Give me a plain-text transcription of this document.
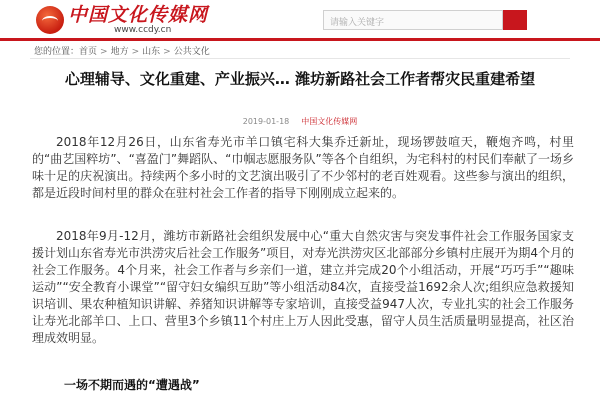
中国文化传媒网
www.ccdy.cn
请输入关键字
您的位置：首页 > 地方 > 山东 > 公共文化
心理辅导、文化重建、产业振兴… 潍坊新路社会工作者帮灾民重建希望
2019-01-18 中国文化传媒网
2018年12月26日，山东省寿光市羊口镇宅科大集乔迁新址，现场锣鼓喧天，鞭炮齐鸣，村里的“曲艺国粹坊”、“喜盈门”舞蹈队、“巾帼志愿服务队”等各个自组织，为宅科村的村民们奉献了一场乡味十足的庆祝演出。持续两个多小时的文艺演出吸引了不少邻村的老百姓观看。这些参与演出的组织，都是近段时间村里的群众在驻村社会工作者的指导下刚刚成立起来的。
2018年9月-12月，潍坊市新路社会组织发展中心“重大自然灾害与突发事件社会工作服务国家支援计划山东省寿光市洪涝灾后社会工作服务”项目，对寿光洪涝灾区北部部分乡镇村庄展开为期4个月的社会工作服务。4个月来，社会工作者与乡亲们一道，建立并完成20个小组活动，开展“巧巧手”“趣味运动”“安全教育小课堂”“留守妇女编织互助”等小组活动84次，直接受益1692余人次;组织应急救援知识培训、果农种植知识讲解、养猪知识讲解等专家培训，直接受益947人次，专业扎实的社会工作服务让寿光北部羊口、上口、营里3个乡镇11个村庄上万人因此受惠，留守人员生活质量明显提高，社区治理成效明显。
一场不期而遇的“遭遇战”
